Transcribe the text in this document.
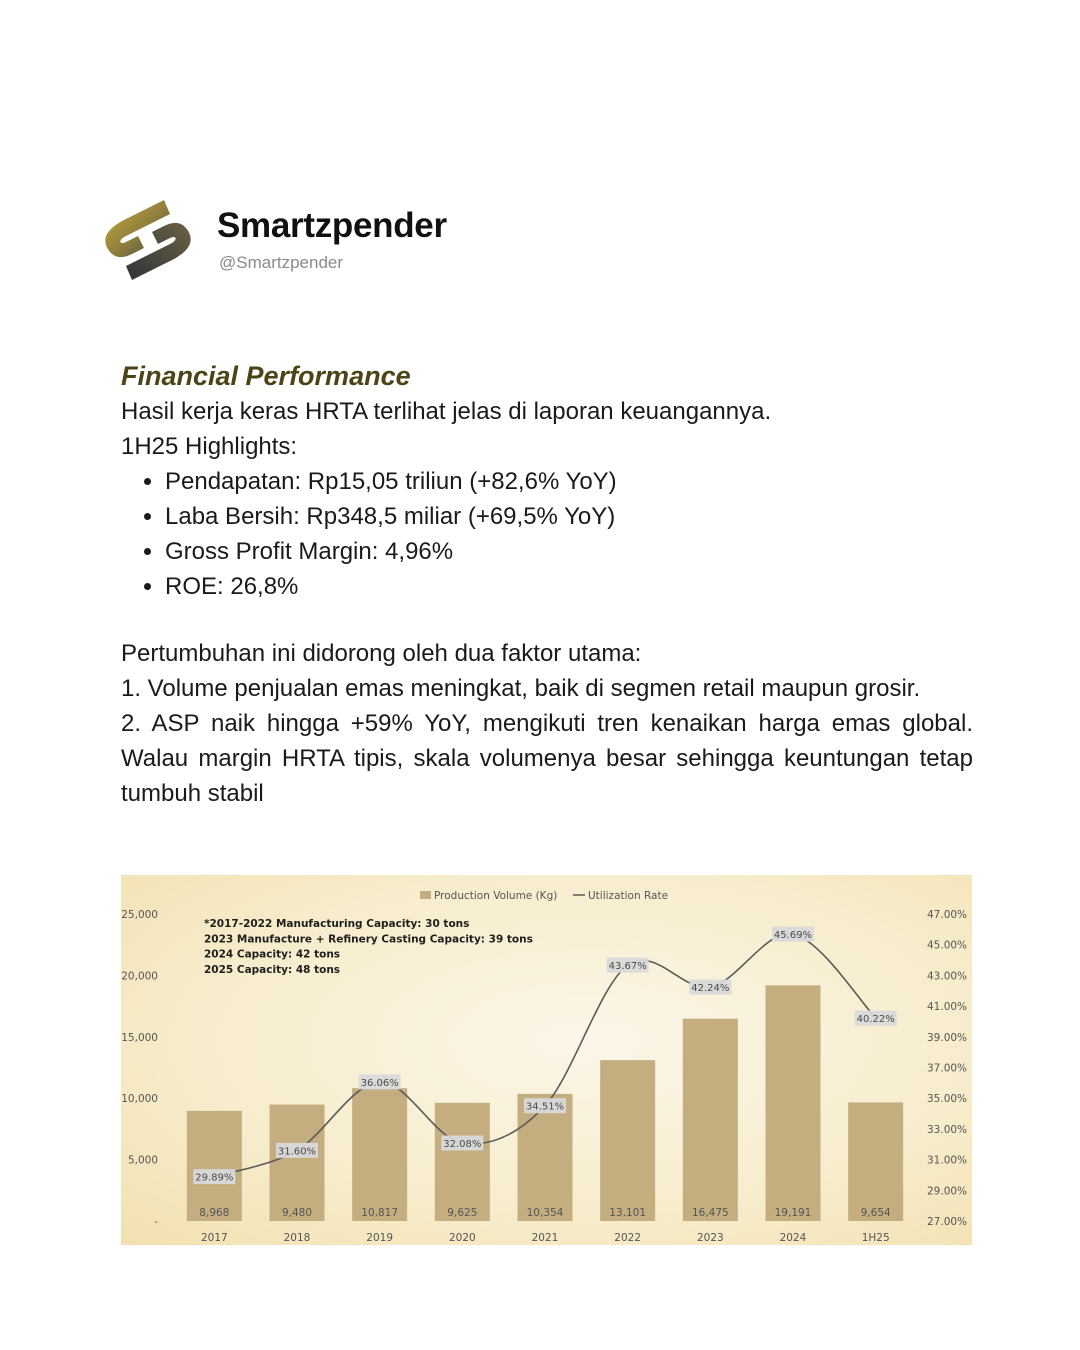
Smartzpender
@Smartzpender

Financial Performance

Hasil kerja keras HRTA terlihat jelas di laporan keuangannya.

1H25 Highlights:

• Pendapatan: Rp15,05 triliun (+82,6% YoY)
• Laba Bersih: Rp348,5 miliar (+69,5% YoY)
• Gross Profit Margin: 4,96%
• ROE: 26,8%

Pertumbuhan ini didorong oleh dua faktor utama:

1. Volume penjualan emas meningkat, baik di segmen retail maupun grosir.

2. ASP naik hingga +59% YoY, mengikuti tren kenaikan harga emas global. Walau margin HRTA tipis, skala volumenya besar sehingga keuntungan tetap tumbuh stabil

Production Volume (Kg)	Utilization Rate
-
5,000
10,000
15,000
20,000
25,000
27.00%
29.00%
31.00%
33.00%
35.00%
37.00%
39.00%
41.00%
43.00%
45.00%
47.00%
*2017-2022 Manufacturing Capacity: 30 tons
2023 Manufacture + Refinery Casting Capacity: 39 tons
2024 Capacity: 42 tons
2025 Capacity: 48 tons
8,968	9,480	10,817	9,625	10,354	13,101	16,475	19,191	9,654
2017	2018	2019	2020	2021	2022	2023	2024	1H25
29.89%
31.60%
36.06%
32.08%
34.51%
43.67%
42.24%
45.69%
40.22%
